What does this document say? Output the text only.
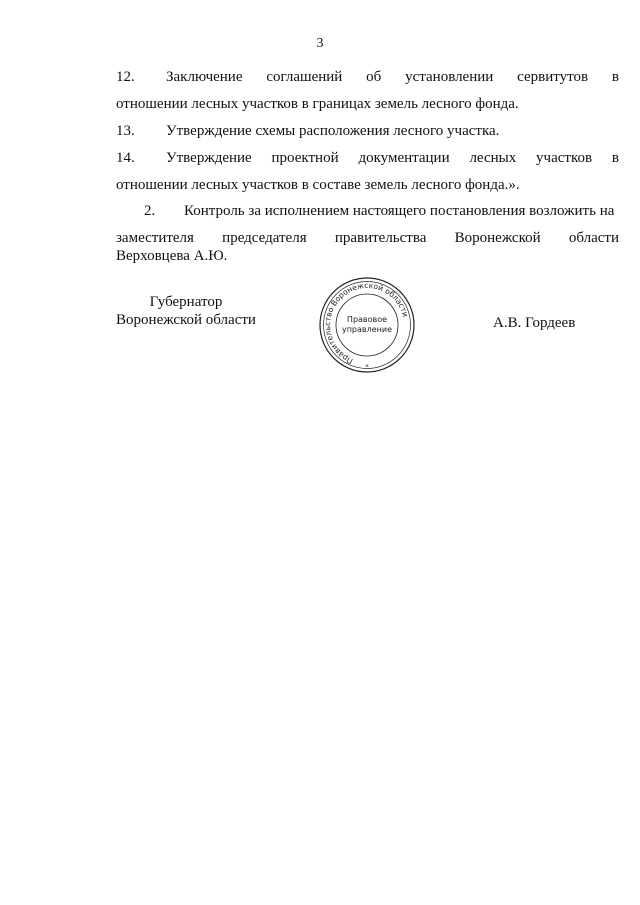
3
12. Заключение соглашений об установлении сервитутов в
отношении лесных участков в границах земель лесного фонда.
13. Утверждение схемы расположения лесного участка.
14. Утверждение проектной документации лесных участков в
отношении лесных участков в составе земель лесного фонда.».
2. Контроль за исполнением настоящего постановления возложить на
заместителя председателя правительства Воронежской области
Верховцева А.Ю.
Губернатор
Воронежской области
Правительство Воронежской области
Правовое
управление
*
А.В. Гордеев
